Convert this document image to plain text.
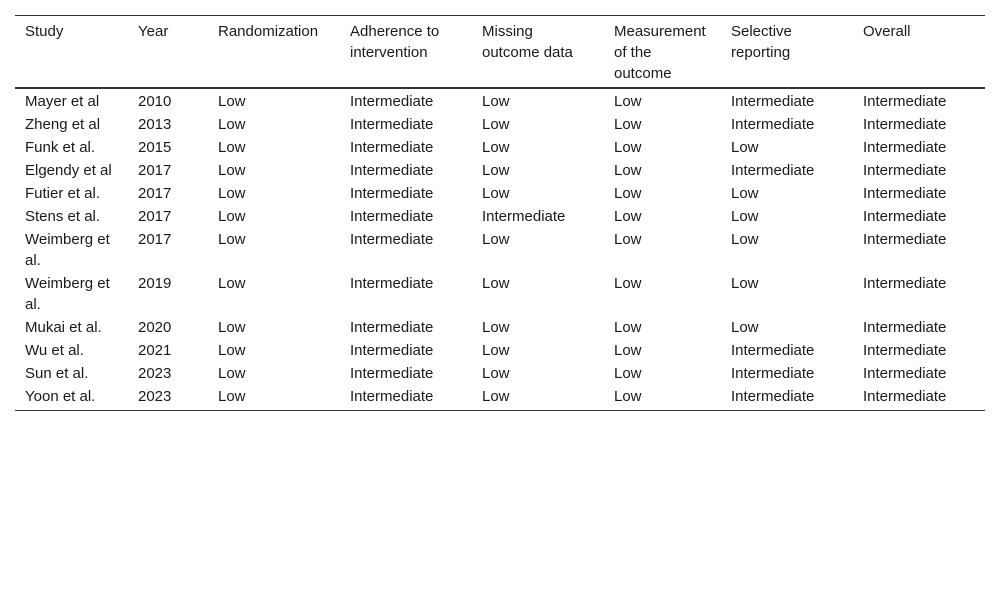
Study	Year	Randomization	Adherence to intervention	Missing outcome data	Measurement of the outcome	Selective reporting	Overall
Mayer et al	2010	Low	Intermediate	Low	Low	Intermediate	Intermediate
Zheng et al	2013	Low	Intermediate	Low	Low	Intermediate	Intermediate
Funk et al.	2015	Low	Intermediate	Low	Low	Low	Intermediate
Elgendy et al	2017	Low	Intermediate	Low	Low	Intermediate	Intermediate
Futier et al.	2017	Low	Intermediate	Low	Low	Low	Intermediate
Stens et al.	2017	Low	Intermediate	Intermediate	Low	Low	Intermediate
Weimberg et al.	2017	Low	Intermediate	Low	Low	Low	Intermediate
Weimberg et al.	2019	Low	Intermediate	Low	Low	Low	Intermediate
Mukai et al.	2020	Low	Intermediate	Low	Low	Low	Intermediate
Wu et al.	2021	Low	Intermediate	Low	Low	Intermediate	Intermediate
Sun et al.	2023	Low	Intermediate	Low	Low	Intermediate	Intermediate
Yoon et al.	2023	Low	Intermediate	Low	Low	Intermediate	Intermediate
